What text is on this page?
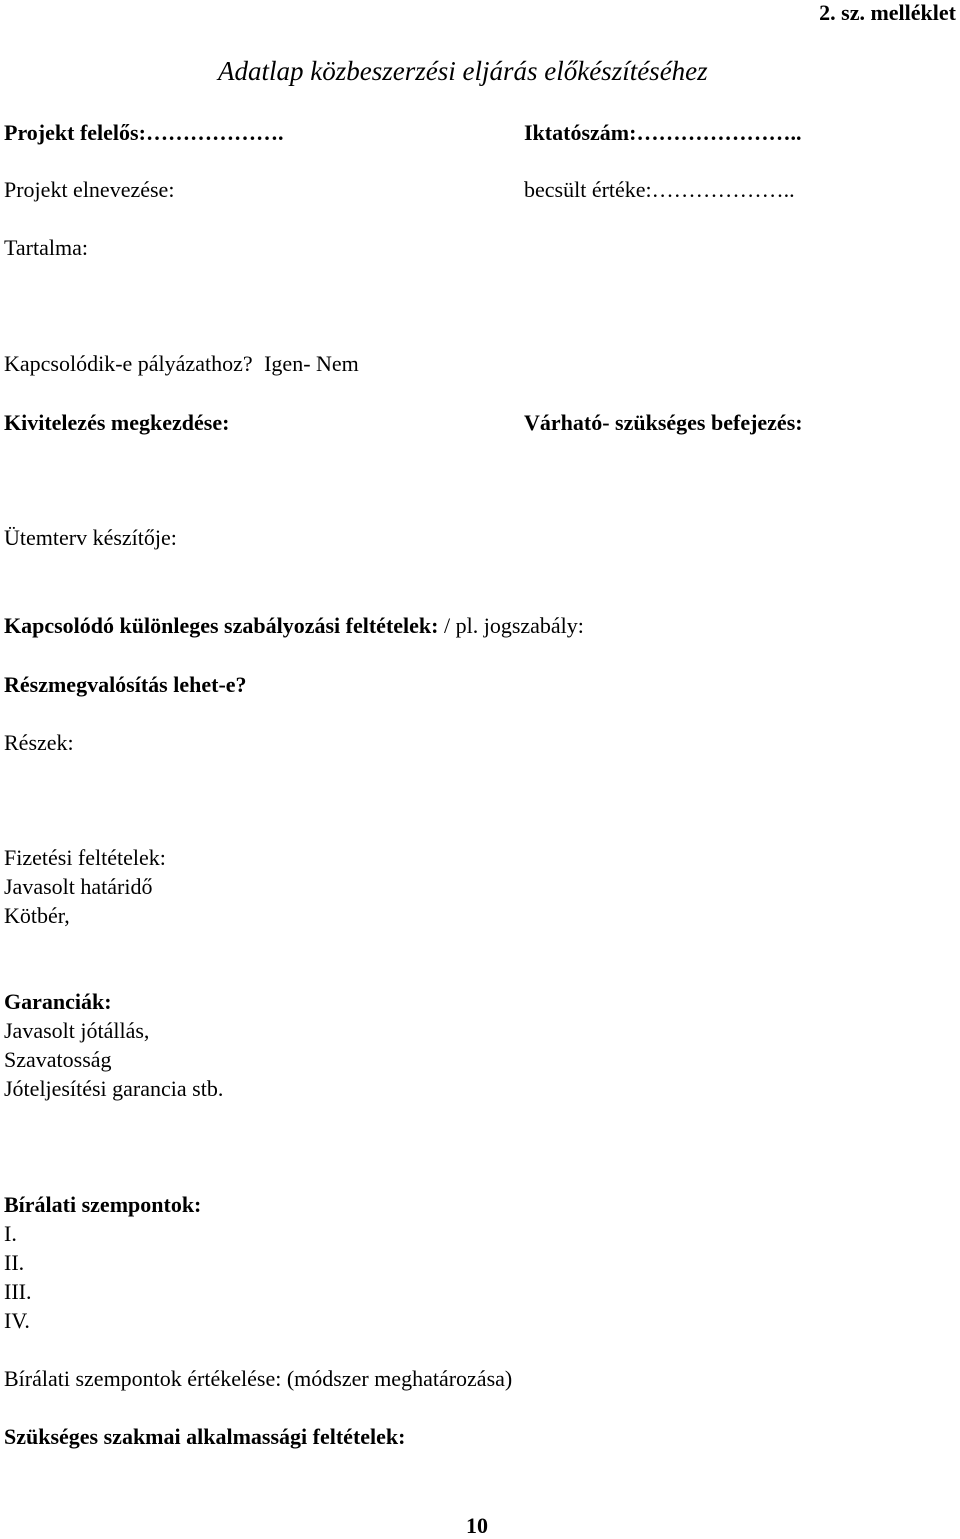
2. sz. melléklet
Adatlap közbeszerzési eljárás előkészítéséhez
Projekt felelős:……………….	Iktatószám:…………………..
Projekt elnevezése:	becsült értéke:………………..
Tartalma:
Kapcsolódik-e pályázathoz? Igen- Nem
Kivitelezés megkezdése:	Várható- szükséges befejezés:
Ütemterv készítője:
Kapcsolódó különleges szabályozási feltételek: / pl. jogszabály:
Részmegvalósítás lehet-e?
Részek:
Fizetési feltételek:
Javasolt határidő
Kötbér,
Garanciák:
Javasolt jótállás,
Szavatosság
Jóteljesítési garancia stb.
Bírálati szempontok:
I.
II.
III.
IV.
Bírálati szempontok értékelése: (módszer meghatározása)
Szükséges szakmai alkalmassági feltételek:
10
